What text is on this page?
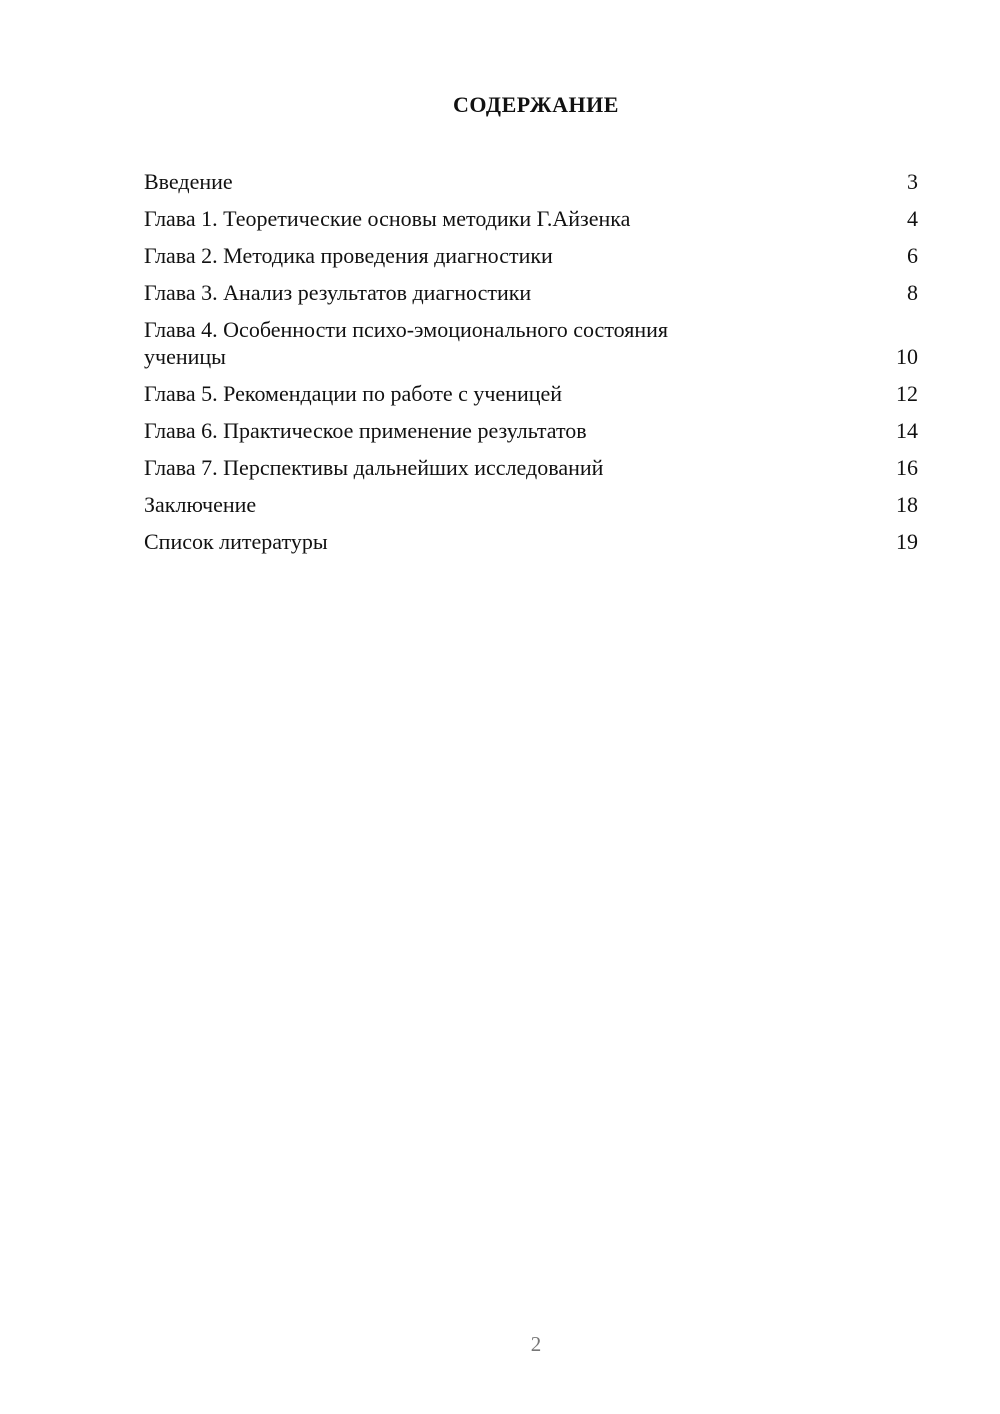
СОДЕРЖАНИЕ
Введение	3
Глава 1. Теоретические основы методики Г.Айзенка	4
Глава 2. Методика проведения диагностики	6
Глава 3. Анализ результатов диагностики	8
Глава 4. Особенности психо-эмоционального состояния ученицы	10
Глава 5. Рекомендации по работе с ученицей	12
Глава 6. Практическое применение результатов	14
Глава 7. Перспективы дальнейших исследований	16
Заключение	18
Список литературы	19
2
